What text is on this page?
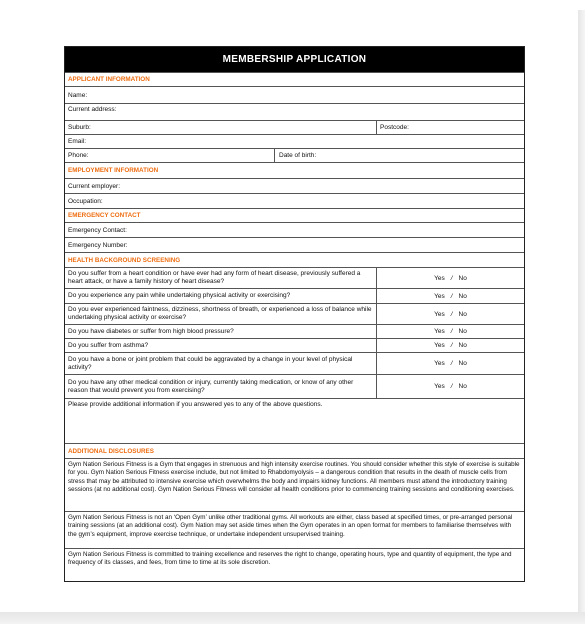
MEMBERSHIP APPLICATION
APPLICANT INFORMATION
Name:
Current address:
Suburb:	Postcode:
Email:
Phone:	Date of birth:
EMPLOYMENT INFORMATION
Current employer:
Occupation:
EMERGENCY CONTACT
Emergency Contact:
Emergency Number:
HEALTH BACKGROUND SCREENING
Do you suffer from a heart condition or have ever had any form of heart disease, previously suffered a heart attack, or have a family history of heart disease?	Yes / No
Do you experience any pain while undertaking physical activity or exercising?	Yes / No
Do you ever experienced faintness, dizziness, shortness of breath, or experienced a loss of balance while undertaking physical activity or exercise?	Yes / No
Do you have diabetes or suffer from high blood pressure?	Yes / No
Do you suffer from asthma?	Yes / No
Do you have a bone or joint problem that could be aggravated by a change in your level of physical activity?	Yes / No
Do you have any other medical condition or injury, currently taking medication, or know of any other reason that would prevent you from exercising?	Yes / No
Please provide additional information if you answered yes to any of the above questions.
ADDITIONAL DISCLOSURES
Gym Nation Serious Fitness is a Gym that engages in strenuous and high intensity exercise routines. You should consider whether this style of exercise is suitable for you. Gym Nation Serious Fitness exercise include, but not limited to Rhabdomyolysis – a dangerous condition that results in the death of muscle cells from stress that may be attributed to intensive exercise which overwhelms the body and impairs kidney functions. All members must attend the introductory training sessions (at no additional cost). Gym Nation Serious Fitness will consider all health conditions prior to commencing training sessions and conditioning exercises.
Gym Nation Serious Fitness is not an ‘Open Gym’ unlike other traditional gyms. All workouts are either, class based at specified times, or pre-arranged personal training sessions (at an additional cost). Gym Nation may set aside times when the Gym operates in an open format for members to familiarise themselves with the gym’s equipment, improve exercise technique, or undertake independent unsupervised training.
Gym Nation Serious Fitness is committed to training excellence and reserves the right to change, operating hours, type and quantity of equipment, the type and frequency of its classes, and fees, from time to time at its sole discretion.
